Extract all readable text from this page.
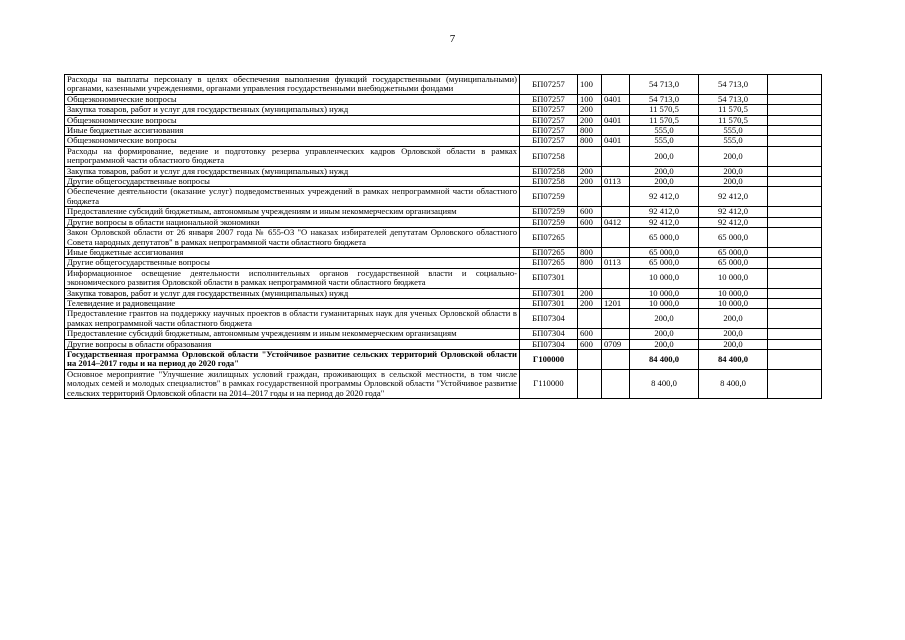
7
Расходы на выплаты персоналу в целях обеспечения выполнения функций государственными (муниципальными) органами, казенными учреждениями, органами управления государственными внебюджетными фондами	БП07257	100		54 713,0	54 713,0	
Общеэкономические вопросы	БП07257	100	0401	54 713,0	54 713,0	
Закупка товаров, работ и услуг для государственных (муниципальных) нужд	БП07257	200		11 570,5	11 570,5	
Общеэкономические вопросы	БП07257	200	0401	11 570,5	11 570,5	
Иные бюджетные ассигнования	БП07257	800		555,0	555,0	
Общеэкономические вопросы	БП07257	800	0401	555,0	555,0	
Расходы на формирование, ведение и подготовку резерва управленческих кадров Орловской области в рамках непрограммной части областного бюджета	БП07258			200,0	200,0	
Закупка товаров, работ и услуг для государственных (муниципальных) нужд	БП07258	200		200,0	200,0	
Другие общегосударственные вопросы	БП07258	200	0113	200,0	200,0	
Обеспечение деятельности (оказание услуг) подведомственных учреждений в рамках непрограммной части областного бюджета	БП07259			92 412,0	92 412,0	
Предоставление субсидий бюджетным, автономным учреждениям и иным некоммерческим организациям	БП07259	600		92 412,0	92 412,0	
Другие вопросы в области национальной экономики	БП07259	600	0412	92 412,0	92 412,0	
Закон Орловской области от 26 января 2007 года № 655-ОЗ "О наказах избирателей депутатам Орловского областного Совета народных депутатов" в рамках непрограммной части областного бюджета	БП07265			65 000,0	65 000,0	
Иные бюджетные ассигнования	БП07265	800		65 000,0	65 000,0	
Другие общегосударственные вопросы	БП07265	800	0113	65 000,0	65 000,0	
Информационное освещение деятельности исполнительных органов государственной власти и социально-экономического развития Орловской области в рамках непрограммной части областного бюджета	БП07301			10 000,0	10 000,0	
Закупка товаров, работ и услуг для государственных (муниципальных) нужд	БП07301	200		10 000,0	10 000,0	
Телевидение и радиовещание	БП07301	200	1201	10 000,0	10 000,0	
Предоставление грантов на поддержку научных проектов в области гуманитарных наук для ученых Орловской области в рамках непрограммной части областного бюджета	БП07304			200,0	200,0	
Предоставление субсидий бюджетным, автономным учреждениям и иным некоммерческим организациям	БП07304	600		200,0	200,0	
Другие вопросы в области образования	БП07304	600	0709	200,0	200,0	
Государственная программа Орловской области "Устойчивое развитие сельских территорий Орловской области на 2014–2017 годы и на период до 2020 года"	Г100000			84 400,0	84 400,0	
Основное мероприятие "Улучшение жилищных условий граждан, проживающих в сельской местности, в том числе молодых семей и молодых специалистов" в рамках государственной программы Орловской области "Устойчивое развитие сельских территорий Орловской области на 2014–2017 годы и на период до 2020 года"	Г110000			8 400,0	8 400,0	
